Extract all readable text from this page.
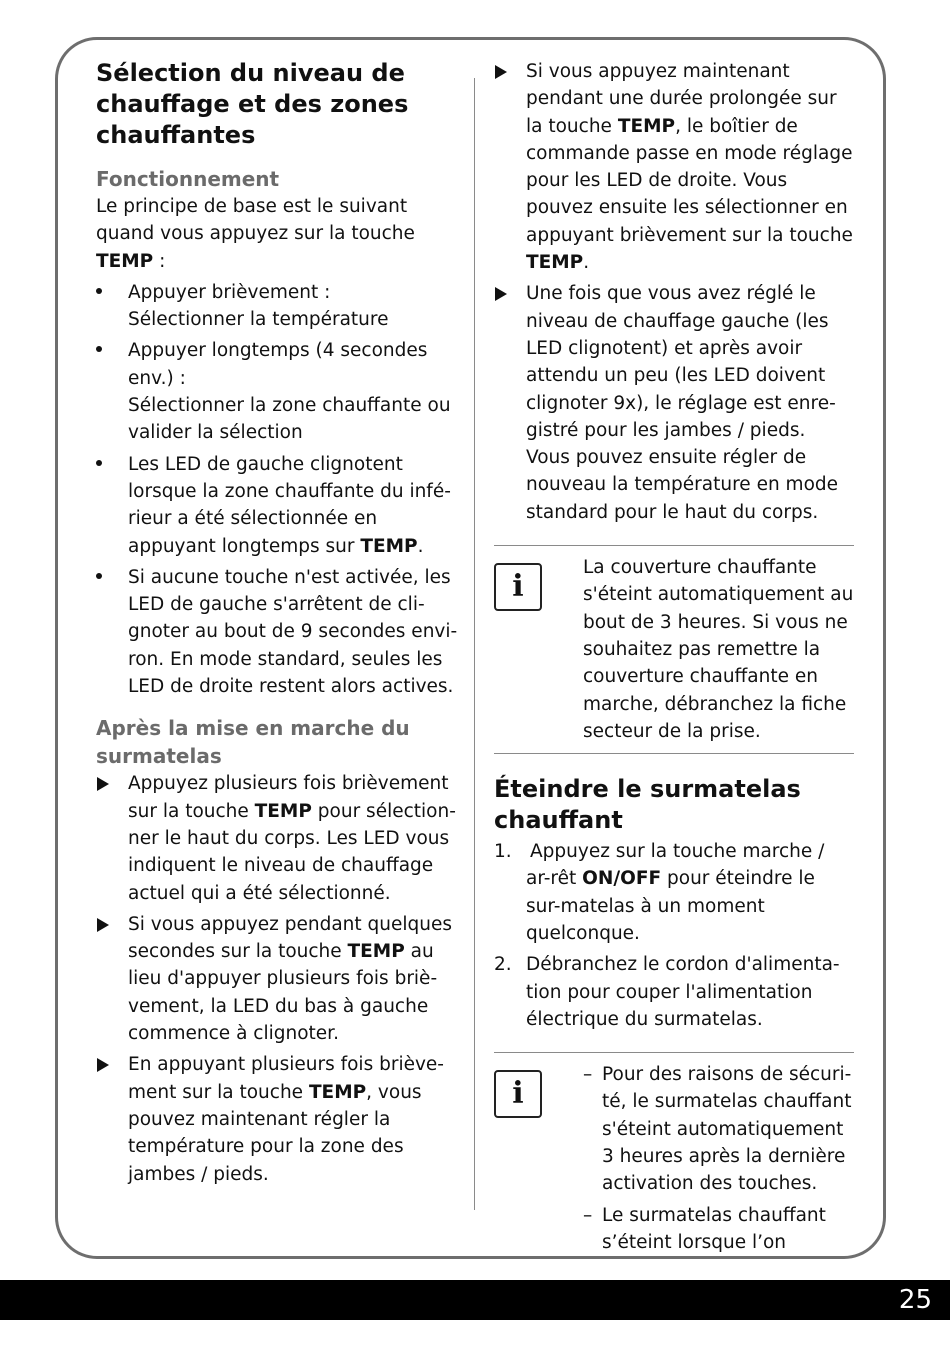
Sélection du niveau de chauffage et des zones chauffantes
Fonctionnement

Le principe de base est le suivant quand vous appuyez sur la touche TEMP :

Appuyer brièvement :
Sélectionner la température
Appuyer longtemps (4 secondes env.) :
Sélectionner la zone chauffante ou valider la sélection
Les LED de gauche clignotent lorsque la zone chauffante du infé-rieur a été sélectionnée en appuyant longtemps sur TEMP.
Si aucune touche n'est activée, les LED de gauche s'arrêtent de cli-gnoter au bout de 9 secondes envi-ron. En mode standard, seules les LED de droite restent alors actives.
Après la mise en marche du surmatelas
Appuyez plusieurs fois brièvement sur la touche TEMP pour sélection-ner le haut du corps. Les LED vous indiquent le niveau de chauffage actuel qui a été sélectionné.
Si vous appuyez pendant quelques secondes sur la touche TEMP au lieu d'appuyer plusieurs fois briè-vement, la LED du bas à gauche commence à clignoter.
En appuyant plusieurs fois briève-ment sur la touche TEMP, vous pouvez maintenant régler la température pour la zone des jambes / pieds.
Si vous appuyez maintenant pendant une durée prolongée sur la touche TEMP, le boîtier de commande passe en mode réglage pour les LED de droite. Vous pouvez ensuite les sélectionner en appuyant brièvement sur la touche TEMP.
Une fois que vous avez réglé le niveau de chauffage gauche (les LED clignotent) et après avoir attendu un peu (les LED doivent clignoter 9x), le réglage est enre-gistré pour les jambes / pieds. Vous pouvez ensuite régler de nouveau la température en mode standard pour le haut du corps.
i
La couverture chauffante s'éteint automatiquement au bout de 3 heures. Si vous ne souhaitez pas remettre la couverture chauffante en marche, débranchez la fiche secteur de la prise.
Éteindre le surmatelas chauffant
1. Appuyez sur la touche marche / ar-rêt ON/OFF pour éteindre le sur-matelas à un moment quelconque.
2. Débranchez le cordon d'alimenta-tion pour couper l'alimentation électrique du surmatelas.
i
– Pour des raisons de sécuri-té, le surmatelas chauffant s'éteint automatiquement 3 heures après la dernière activation des touches.
– Le surmatelas chauffant s’éteint lorsque l’on
25
